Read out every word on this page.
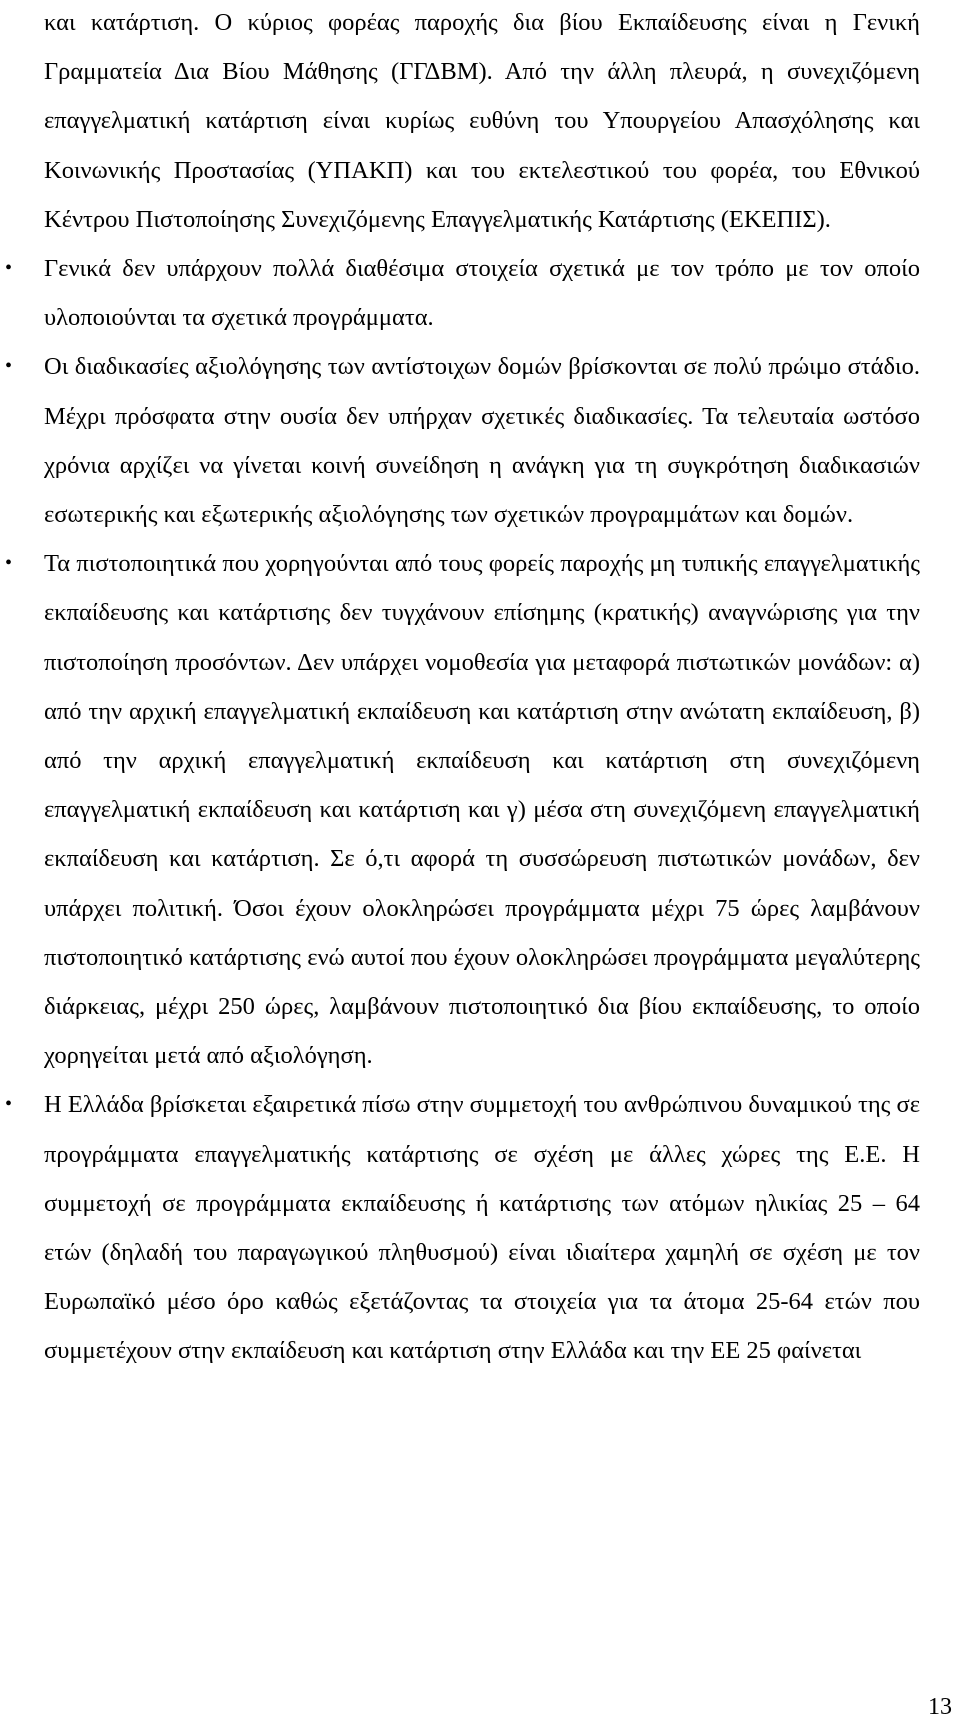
και κατάρτιση. Ο κύριος φορέας παροχής δια βίου Εκπαίδευσης είναι η Γενική Γραμματεία Δια Βίου Μάθησης (ΓΓΔΒΜ). Από την άλλη πλευρά, η συνεχιζόμενη επαγγελματική κατάρτιση είναι κυρίως ευθύνη του Υπουργείου Απασχόλησης και Κοινωνικής Προστασίας (ΥΠΑΚΠ) και του εκτελεστικού του φορέα, του Εθνικού Κέντρου Πιστοποίησης Συνεχιζόμενης Επαγγελματικής Κατάρτισης (ΕΚΕΠΙΣ).

• Γενικά δεν υπάρχουν πολλά διαθέσιμα στοιχεία σχετικά με τον τρόπο με τον οποίο υλοποιούνται τα σχετικά προγράμματα.

• Οι διαδικασίες αξιολόγησης των αντίστοιχων δομών βρίσκονται σε πολύ πρώιμο στάδιο. Μέχρι πρόσφατα στην ουσία δεν υπήρχαν σχετικές διαδικασίες. Τα τελευταία ωστόσο χρόνια αρχίζει να γίνεται κοινή συνείδηση η ανάγκη για τη συγκρότηση διαδικασιών εσωτερικής και εξωτερικής αξιολόγησης των σχετικών προγραμμάτων και δομών.

• Τα πιστοποιητικά που χορηγούνται από τους φορείς παροχής μη τυπικής επαγγελματικής εκπαίδευσης και κατάρτισης δεν τυγχάνουν επίσημης (κρατικής) αναγνώρισης για την πιστοποίηση προσόντων. Δεν υπάρχει νομοθεσία για μεταφορά πιστωτικών μονάδων: α) από την αρχική επαγγελματική εκπαίδευση και κατάρτιση στην ανώτατη εκπαίδευση, β) από την αρχική επαγγελματική εκπαίδευση και κατάρτιση στη συνεχιζόμενη επαγγελματική εκπαίδευση και κατάρτιση και γ) μέσα στη συνεχιζόμενη επαγγελματική εκπαίδευση και κατάρτιση. Σε ό,τι αφορά τη συσσώρευση πιστωτικών μονάδων, δεν υπάρχει πολιτική. Όσοι έχουν ολοκληρώσει προγράμματα μέχρι 75 ώρες λαμβάνουν πιστοποιητικό κατάρτισης ενώ αυτοί που έχουν ολοκληρώσει προγράμματα μεγαλύτερης διάρκειας, μέχρι 250 ώρες, λαμβάνουν πιστοποιητικό δια βίου εκπαίδευσης, το οποίο χορηγείται μετά από αξιολόγηση.

• Η Ελλάδα βρίσκεται εξαιρετικά πίσω στην συμμετοχή του ανθρώπινου δυναμικού της σε προγράμματα επαγγελματικής κατάρτισης σε σχέση με άλλες χώρες της Ε.Ε. Η συμμετοχή σε προγράμματα εκπαίδευσης ή κατάρτισης των ατόμων ηλικίας 25 – 64 ετών (δηλαδή του παραγωγικού πληθυσμού) είναι ιδιαίτερα χαμηλή σε σχέση με τον Ευρωπαϊκό μέσο όρο καθώς εξετάζοντας τα στοιχεία για τα άτομα 25-64 ετών που συμμετέχουν στην εκπαίδευση και κατάρτιση στην Ελλάδα και την ΕΕ 25 φαίνεται

13
